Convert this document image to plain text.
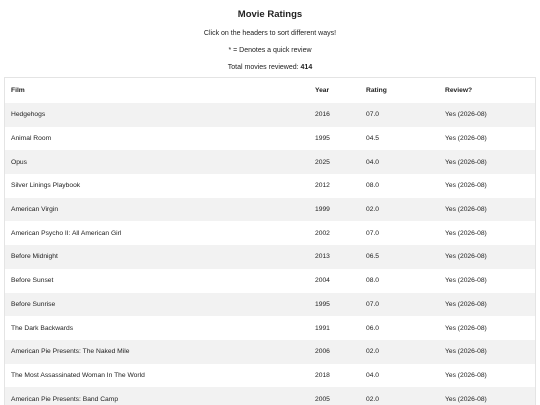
Movie Ratings
Click on the headers to sort different ways!
* = Denotes a quick review
Total movies reviewed: 414
Film	Year	Rating	Review?
Hedgehogs	2016	07.0	Yes (2026-08)
Animal Room	1995	04.5	Yes (2026-08)
Opus	2025	04.0	Yes (2026-08)
Silver Linings Playbook	2012	08.0	Yes (2026-08)
American Virgin	1999	02.0	Yes (2026-08)
American Psycho II: All American Girl	2002	07.0	Yes (2026-08)
Before Midnight	2013	06.5	Yes (2026-08)
Before Sunset	2004	08.0	Yes (2026-08)
Before Sunrise	1995	07.0	Yes (2026-08)
The Dark Backwards	1991	06.0	Yes (2026-08)
American Pie Presents: The Naked Mile	2006	02.0	Yes (2026-08)
The Most Assassinated Woman In The World	2018	04.0	Yes (2026-08)
American Pie Presents: Band Camp	2005	02.0	Yes (2026-08)
